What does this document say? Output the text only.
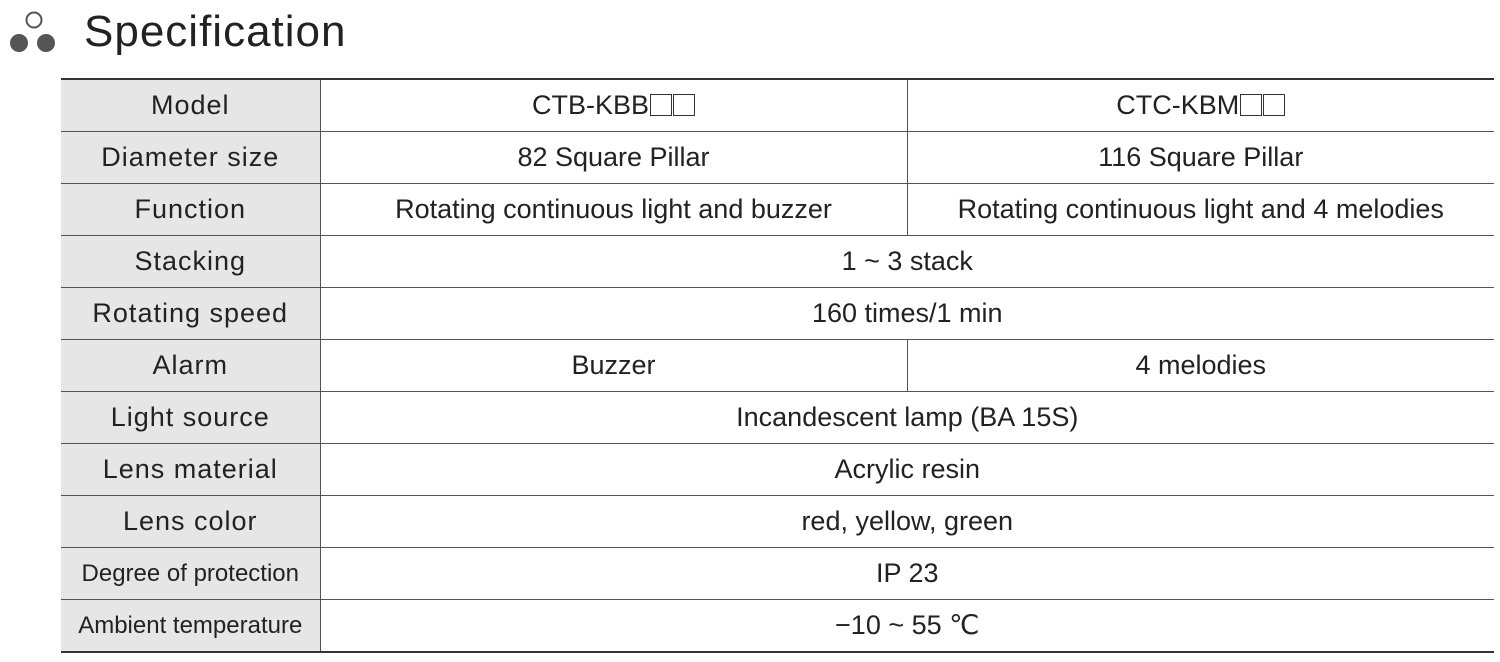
Specification
Model	CTB-KBB	CTC-KBM
Diameter size	82 Square Pillar	116 Square Pillar
Function	Rotating continuous light and buzzer	Rotating continuous light and 4 melodies
Stacking	1 ~ 3 stack	
Rotating speed	160 times/1 min	
Alarm	Buzzer	4 melodies
Light source	Incandescent lamp (BA 15S)	
Lens material	Acrylic resin	
Lens color	red, yellow, green	
Degree of protection	IP 23	
Ambient temperature	−10 ~ 55 ℃	
